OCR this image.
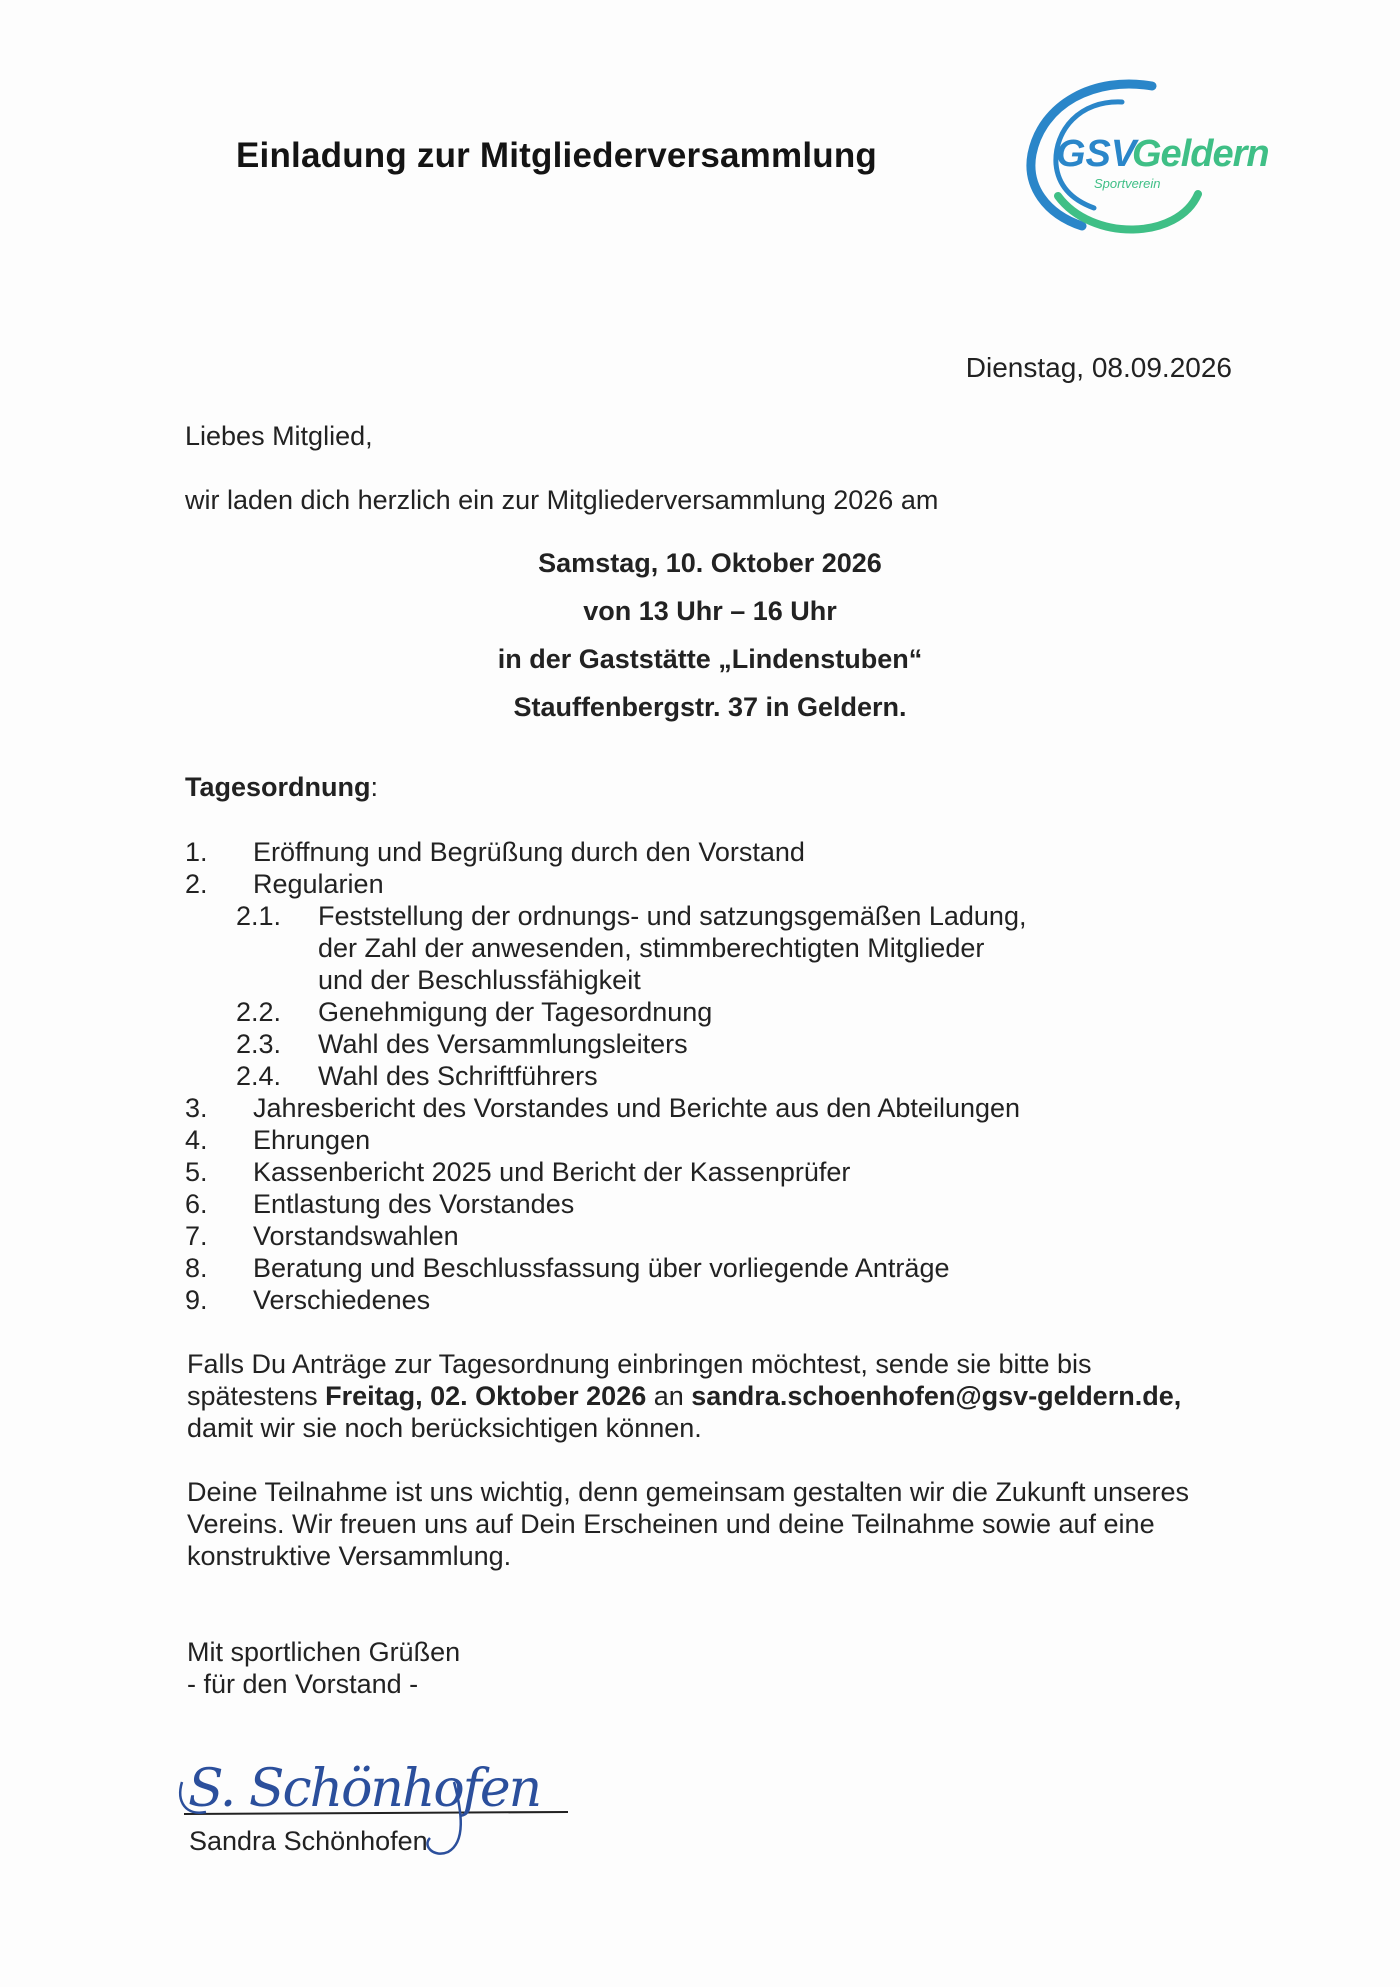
Einladung zur Mitgliederversammlung	GSV
Geldern
Sportverein
Dienstag, 08.09.2026
Liebes Mitglied,
wir laden dich herzlich ein zur Mitgliederversammlung 2026 am
Samstag, 10. Oktober 2026
von 13 Uhr – 16 Uhr
in der Gaststätte „Lindenstuben“
Stauffenbergstr. 37 in Geldern.
Tagesordnung:
1. Eröffnung und Begrüßung durch den Vorstand
2. Regularien
2.1. Feststellung der ordnungs- und satzungsgemäßen Ladung,
der Zahl der anwesenden, stimmberechtigten Mitglieder
und der Beschlussfähigkeit
2.2. Genehmigung der Tagesordnung
2.3. Wahl des Versammlungsleiters
2.4. Wahl des Schriftführers
3. Jahresbericht des Vorstandes und Berichte aus den Abteilungen
4. Ehrungen
5. Kassenbericht 2025 und Bericht der Kassenprüfer
6. Entlastung des Vorstandes
7. Vorstandswahlen
8. Beratung und Beschlussfassung über vorliegende Anträge
9. Verschiedenes
Falls Du Anträge zur Tagesordnung einbringen möchtest, sende sie bitte bis
spätestens Freitag, 02. Oktober 2026 an sandra.schoenhofen@gsv-geldern.de,
damit wir sie noch berücksichtigen können.
Deine Teilnahme ist uns wichtig, denn gemeinsam gestalten wir die Zukunft unseres
Vereins. Wir freuen uns auf Dein Erscheinen und deine Teilnahme sowie auf eine
konstruktive Versammlung.
Mit sportlichen Grüßen
- für den Vorstand -
S. Schönhofen
Sandra Schönhofen
